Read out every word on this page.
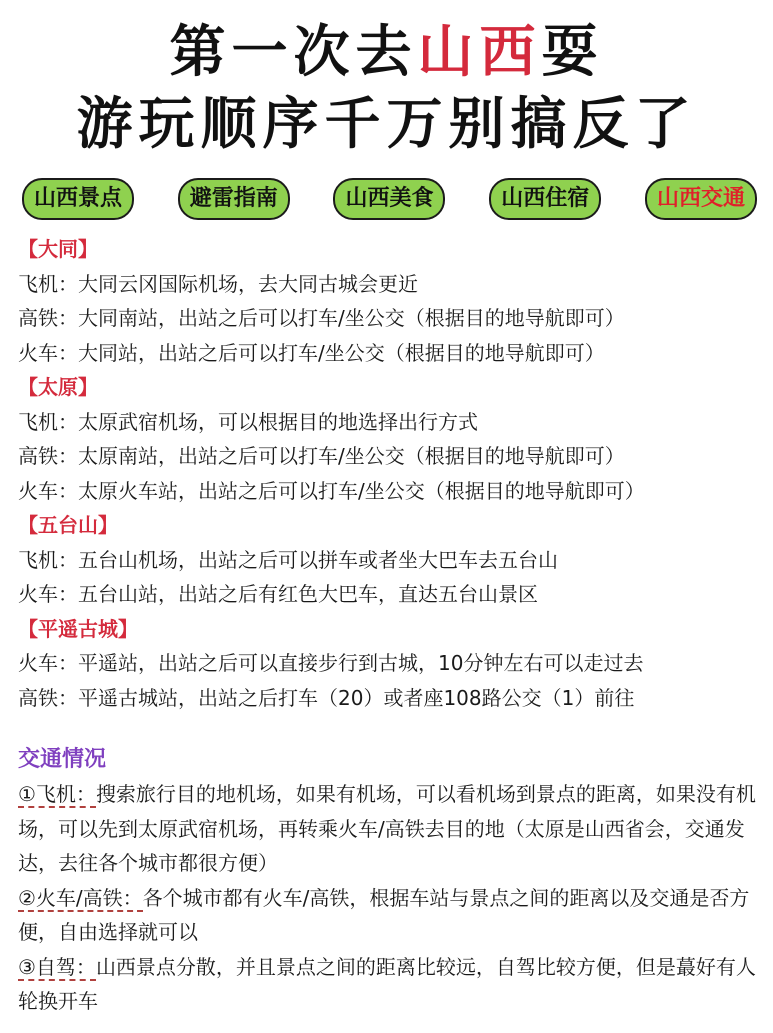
第一次去山西耍
游玩顺序千万别搞反了
山西景点	避雷指南	山西美食	山西住宿	山西交通
【大同】
飞机：大同云冈国际机场，去大同古城会更近
高铁：大同南站，出站之后可以打车/坐公交（根据目的地导航即可）
火车：大同站，出站之后可以打车/坐公交（根据目的地导航即可）
【太原】
飞机：太原武宿机场，可以根据目的地选择出行方式
高铁：太原南站，出站之后可以打车/坐公交（根据目的地导航即可）
火车：太原火车站，出站之后可以打车/坐公交（根据目的地导航即可）
【五台山】
飞机：五台山机场，出站之后可以拼车或者坐大巴车去五台山
火车：五台山站，出站之后有红色大巴车，直达五台山景区
【平遥古城】
火车：平遥站，出站之后可以直接步行到古城，10分钟左右可以走过去
高铁：平遥古城站，出站之后打车（20）或者座108路公交（1）前往
交通情况
①飞机：搜索旅行目的地机场，如果有机场，可以看机场到景点的距离，如果没有机场，可以先到太原武宿机场，再转乘火车/高铁去目的地（太原是山西省会，交通发达，去往各个城市都很方便）
②火车/高铁：各个城市都有火车/高铁，根据车站与景点之间的距离以及交通是否方便，自由选择就可以
③自驾：山西景点分散，并且景点之间的距离比较远，自驾比较方便，但是蕞好有人轮换开车
